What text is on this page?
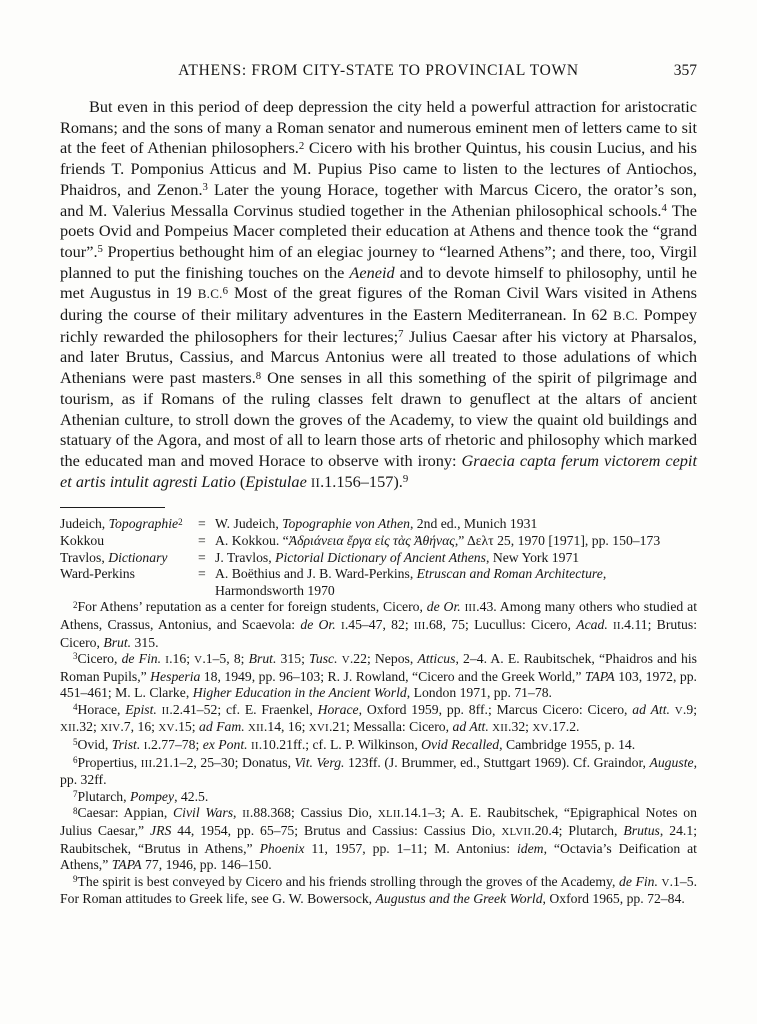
ATHENS: FROM CITY-STATE TO PROVINCIAL TOWN	357

But even in this period of deep depression the city held a powerful attraction for aristocratic Romans; and the sons of many a Roman senator and numerous eminent men of letters came to sit at the feet of Athenian philosophers.$^2$ Cicero with his brother Quintus, his cousin Lucius, and his friends T. Pomponius Atticus and M. Pupius Piso came to listen to the lectures of Antiochos, Phaidros, and Zenon.$^3$ Later the young Horace, together with Marcus Cicero, the orator’s son, and M. Valerius Messalla Corvinus studied together in the Athenian philosophical schools.$^4$ The poets Ovid and Pompeius Macer completed their education at Athens and thence took the “grand tour”.$^5$ Propertius bethought him of an elegiac journey to “learned Athens”; and there, too, Virgil planned to put the finishing touches on the Aeneid and to devote himself to philosophy, until he met Augustus in 19 B.C.$^6$ Most of the great figures of the Roman Civil Wars visited in Athens during the course of their military adventures in the Eastern Mediterranean. In 62 B.C. Pompey richly rewarded the philosophers for their lectures;$^7$ Julius Caesar after his victory at Pharsalos, and later Brutus, Cassius, and Marcus Antonius were all treated to those adulations of which Athenians were past masters.$^8$ One senses in all this something of the spirit of pilgrimage and tourism, as if Romans of the ruling classes felt drawn to genuflect at the altars of ancient Athenian culture, to stroll down the groves of the Academy, to view the quaint old buildings and statuary of the Agora, and most of all to learn those arts of rhetoric and philosophy which marked the educated man and moved Horace to observe with irony: Graecia capta ferum victorem cepit et artis intulit agresti Latio (Epistulae II.1.156–157).$^9$

Judeich, Topographie$^2$	= W. Judeich, Topographie von Athen, 2nd ed., Munich 1931
Kokkou	= A. Kokkou. “Ἀδριάνεια ἔργα εἰς τὰς Ἀθήνας,” Δελτ 25, 1970 [1971], pp. 150–173
Travlos, Dictionary	= J. Travlos, Pictorial Dictionary of Ancient Athens, New York 1971
Ward-Perkins	= A. Boëthius and J. B. Ward-Perkins, Etruscan and Roman Architecture, Harmondsworth 1970

$^2$For Athens’ reputation as a center for foreign students, Cicero, de Or. III.43. Among many others who studied at Athens, Crassus, Antonius, and Scaevola: de Or. I.45–47, 82; III.68, 75; Lucullus: Cicero, Acad. II.4.11; Brutus: Cicero, Brut. 315.

$^3$Cicero, de Fin. I.16; V.1–5, 8; Brut. 315; Tusc. V.22; Nepos, Atticus, 2–4. A. E. Raubitschek, “Phaidros and his Roman Pupils,” Hesperia 18, 1949, pp. 96–103; R. J. Rowland, “Cicero and the Greek World,” TAPA 103, 1972, pp. 451–461; M. L. Clarke, Higher Education in the Ancient World, London 1971, pp. 71–78.

$^4$Horace, Epist. II.2.41–52; cf. E. Fraenkel, Horace, Oxford 1959, pp. 8ff.; Marcus Cicero: Cicero, ad Att. V.9; XII.32; XIV.7, 16; XV.15; ad Fam. XII.14, 16; XVI.21; Messalla: Cicero, ad Att. XII.32; XV.17.2.

$^5$Ovid, Trist. I.2.77–78; ex Pont. II.10.21ff.; cf. L. P. Wilkinson, Ovid Recalled, Cambridge 1955, p. 14.

$^6$Propertius, III.21.1–2, 25–30; Donatus, Vit. Verg. 123ff. (J. Brummer, ed., Stuttgart 1969). Cf. Graindor, Auguste, pp. 32ff.

$^7$Plutarch, Pompey, 42.5.

$^8$Caesar: Appian, Civil Wars, II.88.368; Cassius Dio, XLII.14.1–3; A. E. Raubitschek, “Epigraphical Notes on Julius Caesar,” JRS 44, 1954, pp. 65–75; Brutus and Cassius: Cassius Dio, XLVII.20.4; Plutarch, Brutus, 24.1; Raubitschek, “Brutus in Athens,” Phoenix 11, 1957, pp. 1–11; M. Antonius: idem, “Octavia’s Deification at Athens,” TAPA 77, 1946, pp. 146–150.

$^9$The spirit is best conveyed by Cicero and his friends strolling through the groves of the Academy, de Fin. V.1–5. For Roman attitudes to Greek life, see G. W. Bowersock, Augustus and the Greek World, Oxford 1965, pp. 72–84.
